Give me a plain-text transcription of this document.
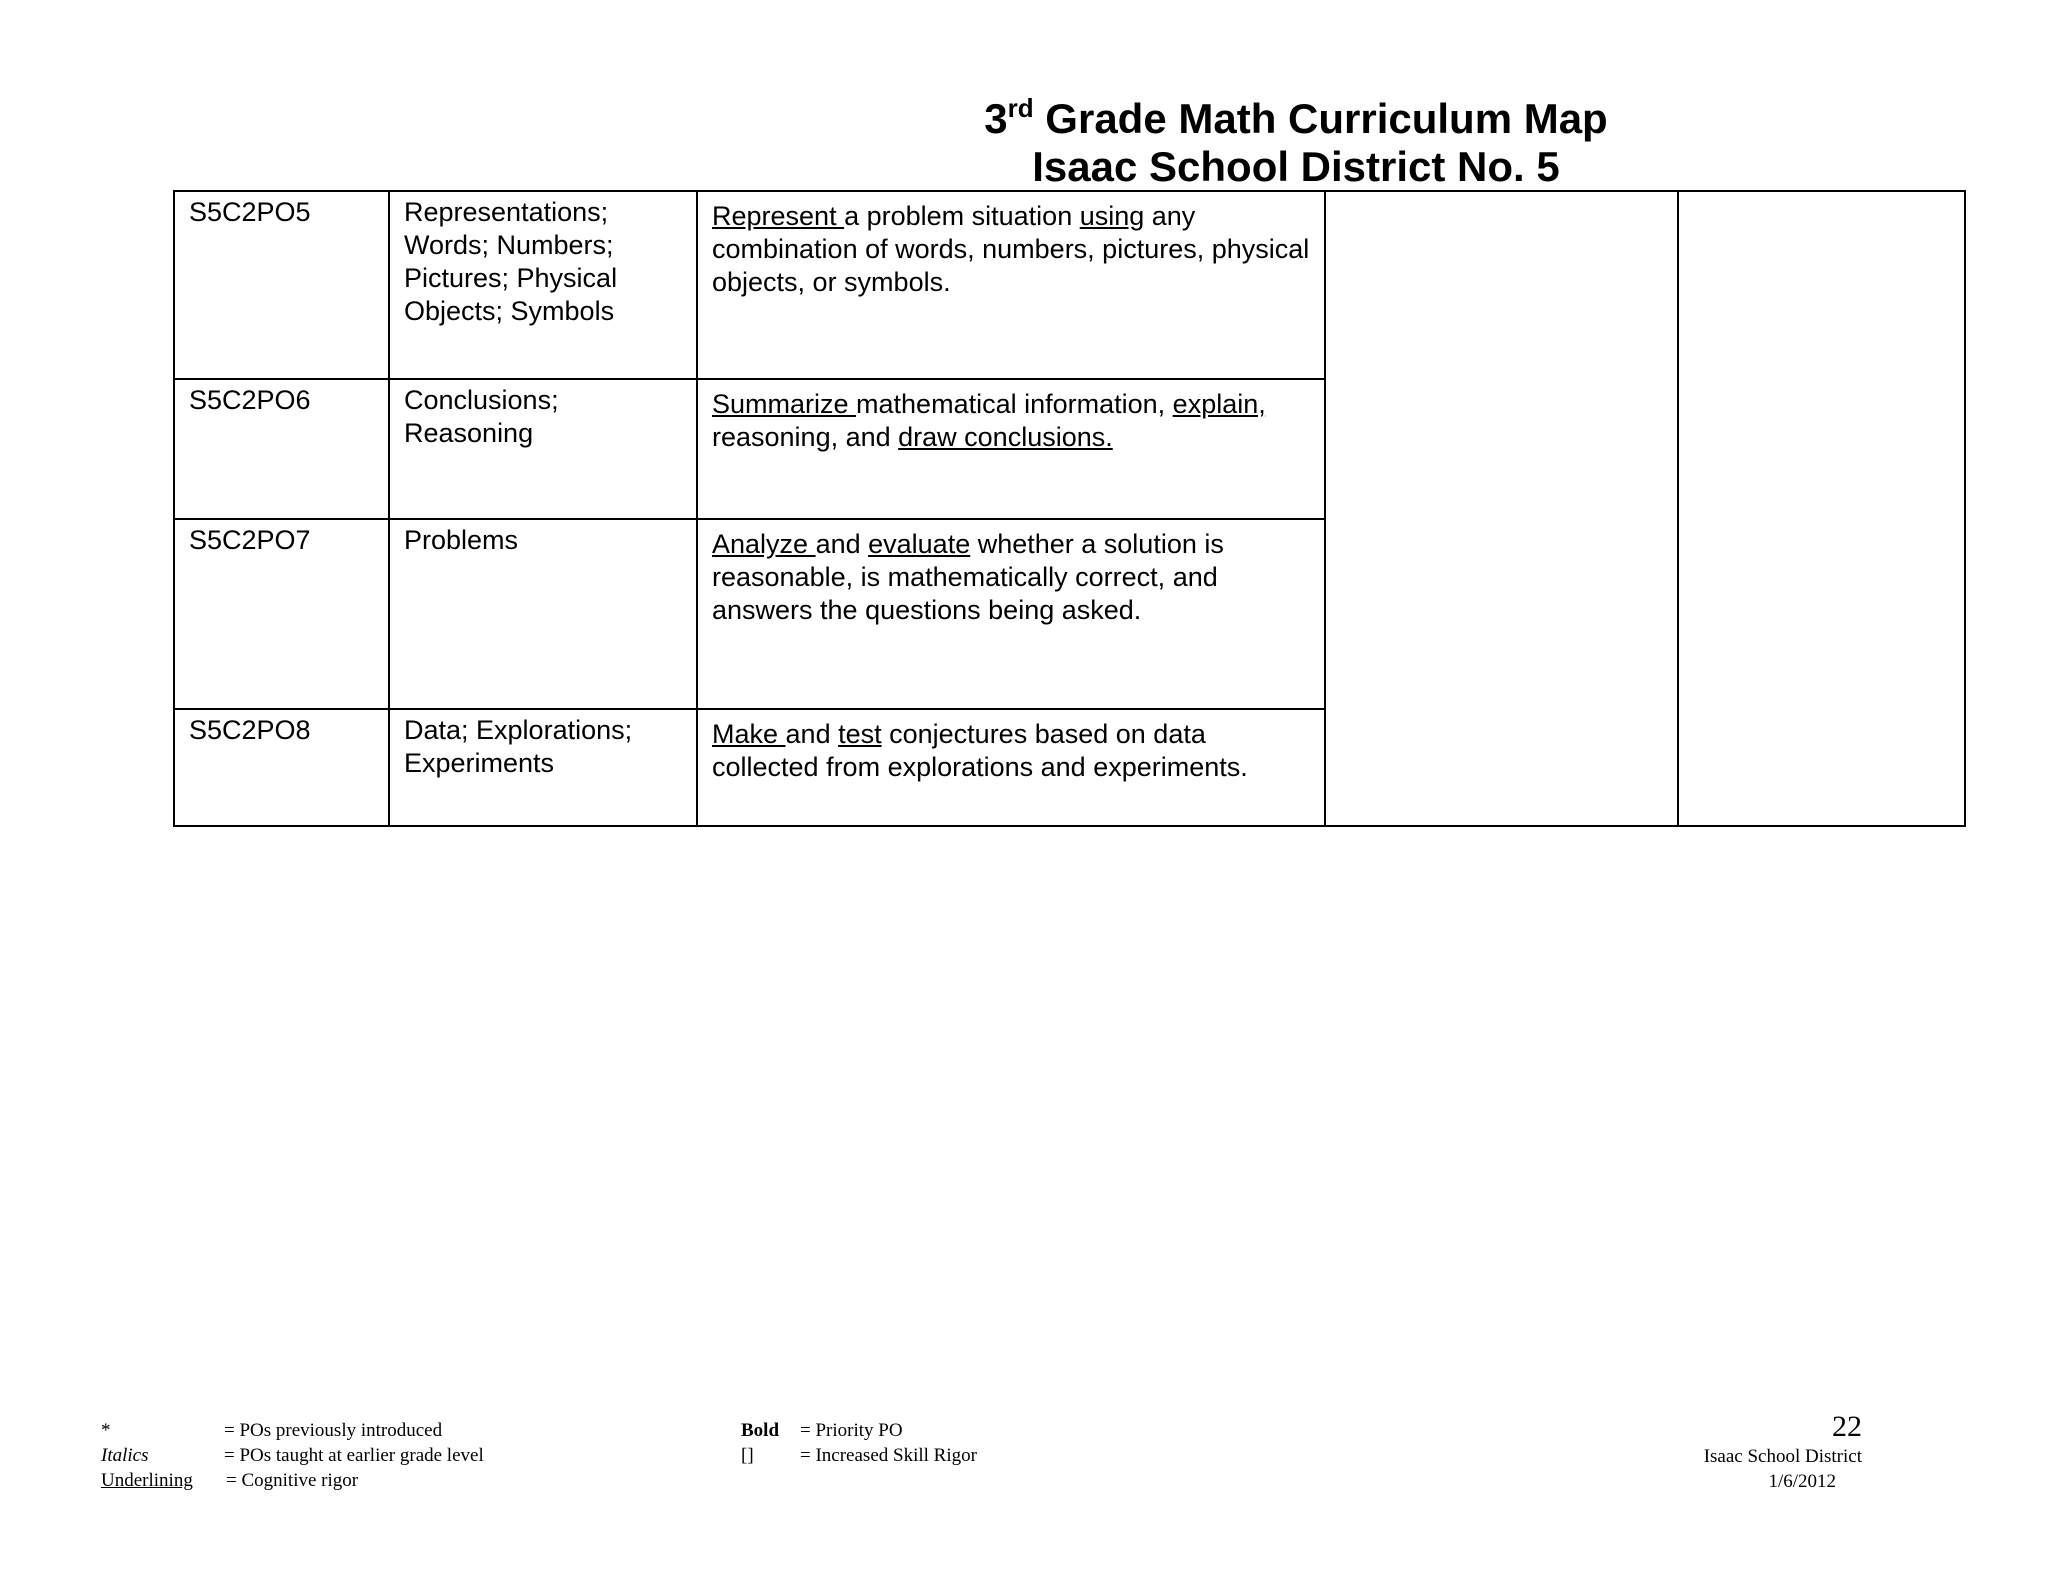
3rd Grade Math Curriculum Map
Isaac School District No. 5
S5C2PO5	Representations; Words; Numbers; Pictures; Physical Objects; Symbols	Represent a problem situation using any combination of words, numbers, pictures, physical objects, or symbols.		
S5C2PO6	Conclusions; Reasoning	Summarize mathematical information, explain, reasoning, and draw conclusions.		
S5C2PO7	Problems	Analyze and evaluate whether a solution is reasonable, is mathematically correct, and answers the questions being asked.		
S5C2PO8	Data; Explorations; Experiments	Make and test conjectures based on data collected from explorations and experiments.		
*	= POs previously introduced	Bold = Priority PO
Italics	= POs taught at earlier grade level	[] = Increased Skill Rigor
Underlining = Cognitive rigor
22
Isaac School District
1/6/2012
